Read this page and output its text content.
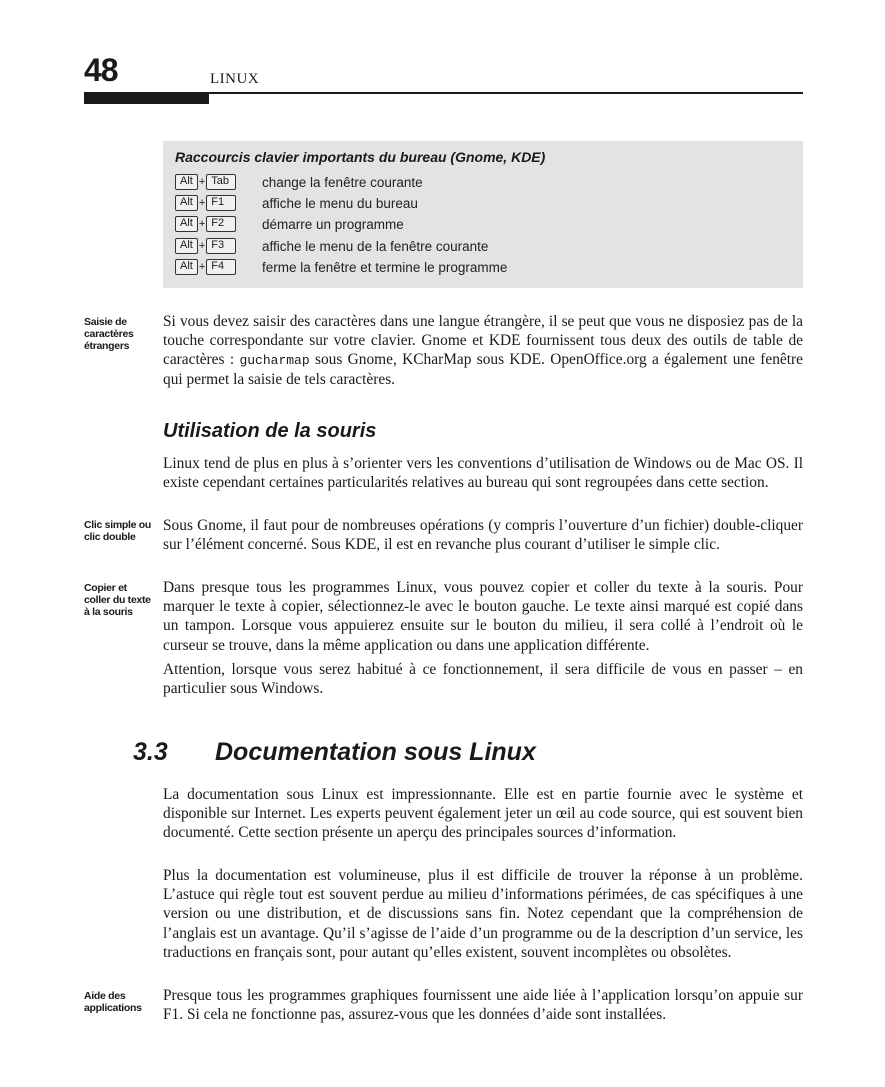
48	LINUX
Raccourcis clavier importants du bureau (Gnome, KDE)
Alt + Tab	change la fenêtre courante
Alt + F1	affiche le menu du bureau
Alt + F2	démarre un programme
Alt + F3	affiche le menu de la fenêtre courante
Alt + F4	ferme la fenêtre et termine le programme
Saisie de caractères étrangers

Si vous devez saisir des caractères dans une langue étrangère, il se peut que vous ne disposiez pas de la touche correspondante sur votre clavier. Gnome et KDE fournissent tous deux des outils de table de caractères : gucharmap sous Gnome, KCharMap sous KDE. OpenOffice.org a également une fenêtre qui permet la saisie de tels caractères.

Utilisation de la souris

Linux tend de plus en plus à s’orienter vers les conventions d’utilisation de Windows ou de Mac OS. Il existe cependant certaines particularités relatives au bureau qui sont regroupées dans cette section.

Clic simple ou clic double

Sous Gnome, il faut pour de nombreuses opérations (y compris l’ouverture d’un fichier) double-cliquer sur l’élément concerné. Sous KDE, il est en revanche plus courant d’utiliser le simple clic.

Copier et coller du texte à la souris

Dans presque tous les programmes Linux, vous pouvez copier et coller du texte à la souris. Pour marquer le texte à copier, sélectionnez-le avec le bouton gauche. Le texte ainsi marqué est copié dans un tampon. Lorsque vous appuierez ensuite sur le bouton du milieu, il sera collé à l’endroit où le curseur se trouve, dans la même application ou dans une application différente.

Attention, lorsque vous serez habitué à ce fonctionnement, il sera difficile de vous en passer – en particulier sous Windows.

3.3 Documentation sous Linux

La documentation sous Linux est impressionnante. Elle est en partie fournie avec le système et disponible sur Internet. Les experts peuvent également jeter un œil au code source, qui est souvent bien documenté. Cette section présente un aperçu des principales sources d’information.

Plus la documentation est volumineuse, plus il est difficile de trouver la réponse à un problème. L’astuce qui règle tout est souvent perdue au milieu d’informations périmées, de cas spécifiques à une version ou une distribution, et de discussions sans fin. Notez cependant que la compréhension de l’anglais est un avantage. Qu’il s’agisse de l’aide d’un programme ou de la description d’un service, les traductions en français sont, pour autant qu’elles existent, souvent incomplètes ou obsolètes.

Aide des applications

Presque tous les programmes graphiques fournissent une aide liée à l’application lorsqu’on appuie sur F1. Si cela ne fonctionne pas, assurez-vous que les données d’aide sont installées.
